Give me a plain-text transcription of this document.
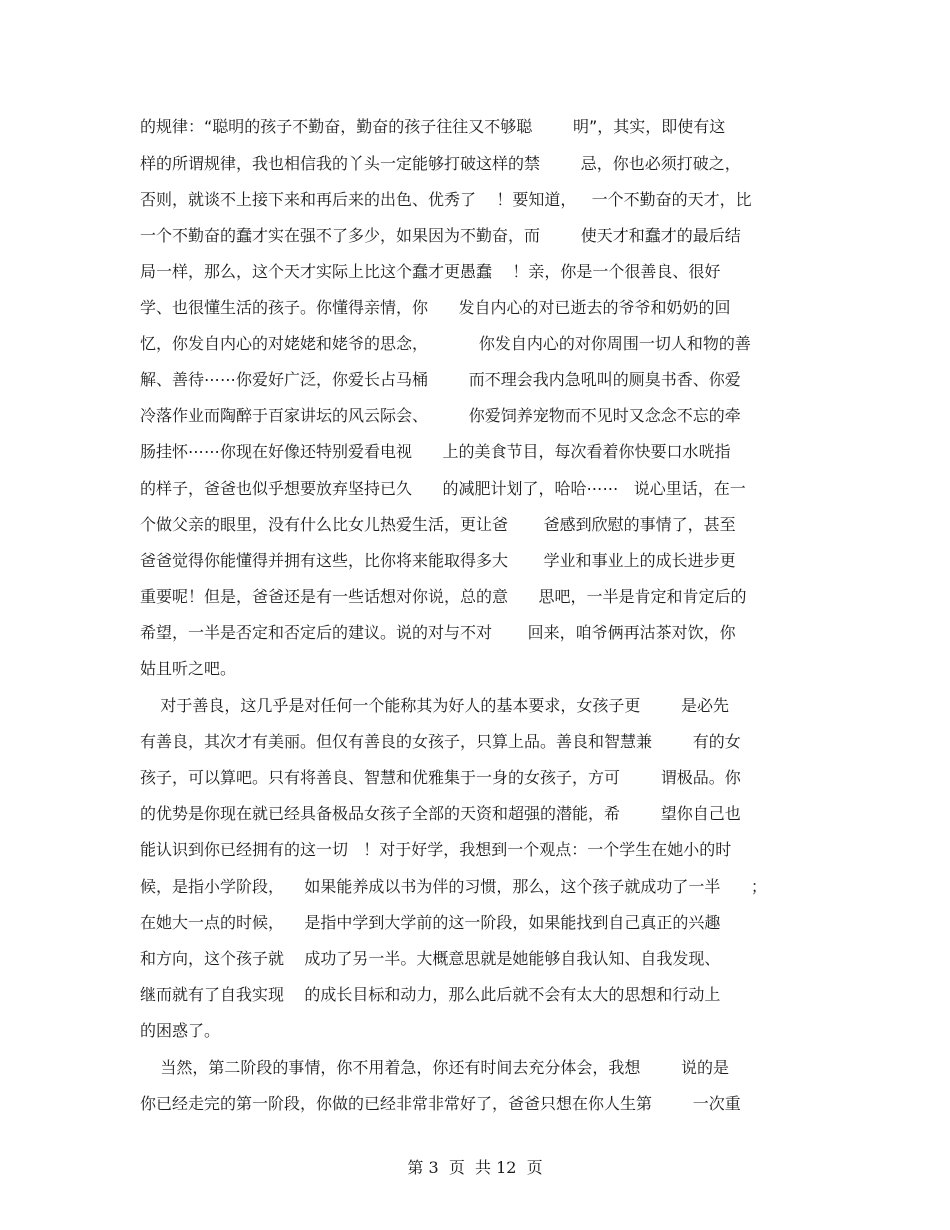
的规律：“聪明的孩子不勤奋，勤奋的孩子往往又不够聪        明”，其实，即使有这
样的所谓规律，我也相信我的丫头一定能够打破这样的禁        忌，你也必须打破之，
否则，就谈不上接下来和再后来的出色、优秀了    ！要知道，   一个不勤奋的天才，比
一个不勤奋的蠢才实在强不了多少，如果因为不勤奋，而        使天才和蠢才的最后结
局一样，那么，这个天才实际上比这个蠢才更愚蠢    ！亲，你是一个很善良、很好
学、也很懂生活的孩子。你懂得亲情，你      发自内心的对已逝去的爷爷和奶奶的回
忆，你发自内心的对姥姥和姥爷的思念，          你发自内心的对你周围一切人和物的善
解、善待⋯⋯你爱好广泛，你爱长占马桶        而不理会我内急吼叫的厕臭书香、你爱
冷落作业而陶醉于百家讲坛的风云际会、        你爱饲养宠物而不见时又念念不忘的牵
肠挂怀⋯⋯你现在好像还特别爱看电视      上的美食节目，每次看着你快要口水咣指
的样子，爸爸也似乎想要放弃坚持已久      的减肥计划了，哈哈⋯⋯   说心里话，在一
个做父亲的眼里，没有什么比女儿热爱生活，更让爸       爸感到欣慰的事情了，甚至
爸爸觉得你能懂得并拥有这些，比你将来能取得多大       学业和事业上的成长进步更
重要呢！但是，爸爸还是有一些话想对你说，总的意      思吧，一半是肯定和肯定后的
希望，一半是否定和否定后的建议。说的对与不对       回来，咱爷俩再沽茶对饮，你
姑且听之吧。
对于善良，这几乎是对任何一个能称其为好人的基本要求，女孩子更        是必先
有善良，其次才有美丽。但仅有善良的女孩子，只算上品。善良和智慧兼        有的女
孩子，可以算吧。只有将善良、智慧和优雅集于一身的女孩子，方可        谓极品。你
的优势是你现在就已经具备极品女孩子全部的天资和超强的潜能，希        望你自己也
能认识到你已经拥有的这一切   ！对于好学，我想到一个观点：一个学生在她小的时
候，是指小学阶段，    如果能养成以书为伴的习惯，那么，这个孩子就成功了一半      ；
在她大一点的时候，    是指中学到大学前的这一阶段，如果能找到自己真正的兴趣
和方向，这个孩子就    成功了另一半。大概意思就是她能够自我认知、自我发现、
继而就有了自我实现    的成长目标和动力，那么此后就不会有太大的思想和行动上
的困惑了。
当然，第二阶段的事情，你不用着急，你还有时间去充分体会，我想        说的是
你已经走完的第一阶段，你做的已经非常非常好了，爸爸只想在你人生第        一次重
第 3  页  共 12  页
